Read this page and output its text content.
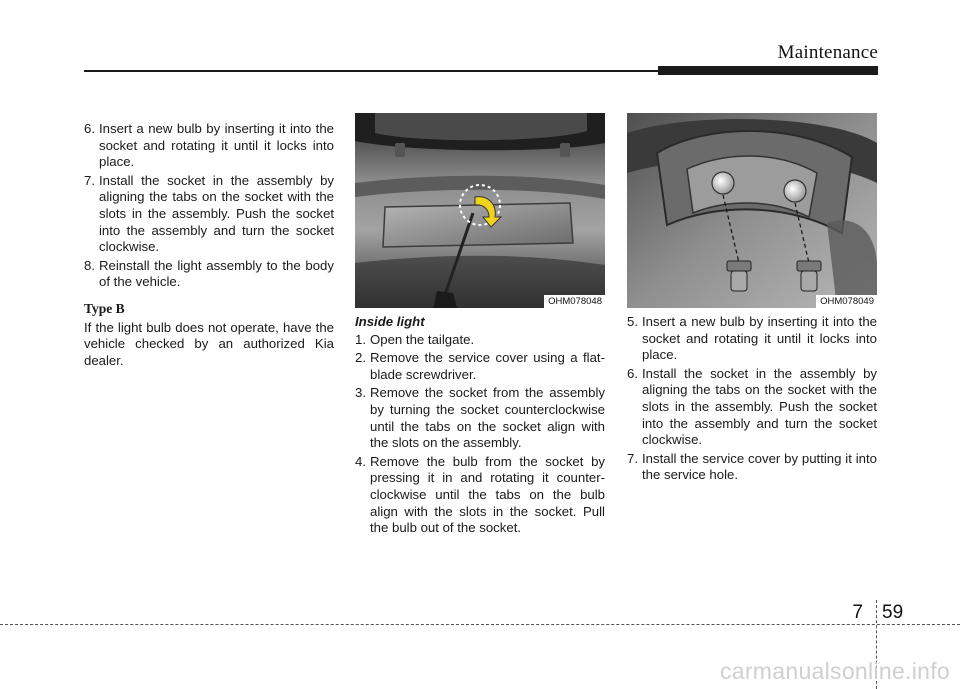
Maintenance
6. Insert a new bulb by inserting it into the socket and rotating it until it locks into place.
7. Install the socket in the assembly by aligning the tabs on the socket with the slots in the assembly. Push the socket into the assembly and turn the socket clockwise.
8. Reinstall the light assembly to the body of the vehicle.
Type B

If the light bulb does not operate, have the vehicle checked by an authorized Kia dealer.

OHM078048	OHM078049
Inside light
1. Open the tailgate.
2. Remove the service cover using a flat-blade screwdriver.
3. Remove the socket from the assembly by turning the socket counterclockwise until the tabs on the socket align with the slots on the assembly.
4. Remove the bulb from the socket by pressing it in and rotating it counter-clockwise until the tabs on the bulb align with the slots in the socket. Pull the bulb out of the socket.
5. Insert a new bulb by inserting it into the socket and rotating it until it locks into place.
6. Install the socket in the assembly by aligning the tabs on the socket with the slots in the assembly. Push the socket into the assembly and turn the socket clockwise.
7. Install the service cover by putting it into the service hole.
7 59
carmanualsonline.info
